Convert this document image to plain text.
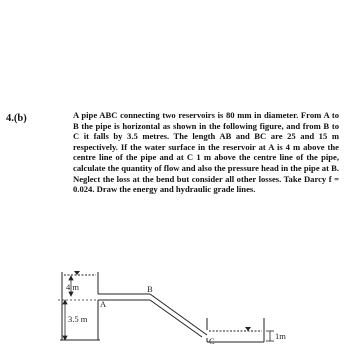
4.(b)	A pipe ABC connecting two reservoirs is 80 mm in diameter. From A to B the pipe is horizontal as shown in the following figure, and from B to C it falls by 3.5 metres. The length AB and BC are 25 and 15 m respectively. If the water surface in the reservoir at A is 4 m above the centre line of the pipe and at C 1 m above the centre line of the pipe, calculate the quantity of flow and also the pressure head in the pipe at B. Neglect the loss at the bend but consider all other losses. Take Darcy f = 0.024. Draw the energy and hydraulic grade lines.

4 m
A
3.5 m
B
C	1m
